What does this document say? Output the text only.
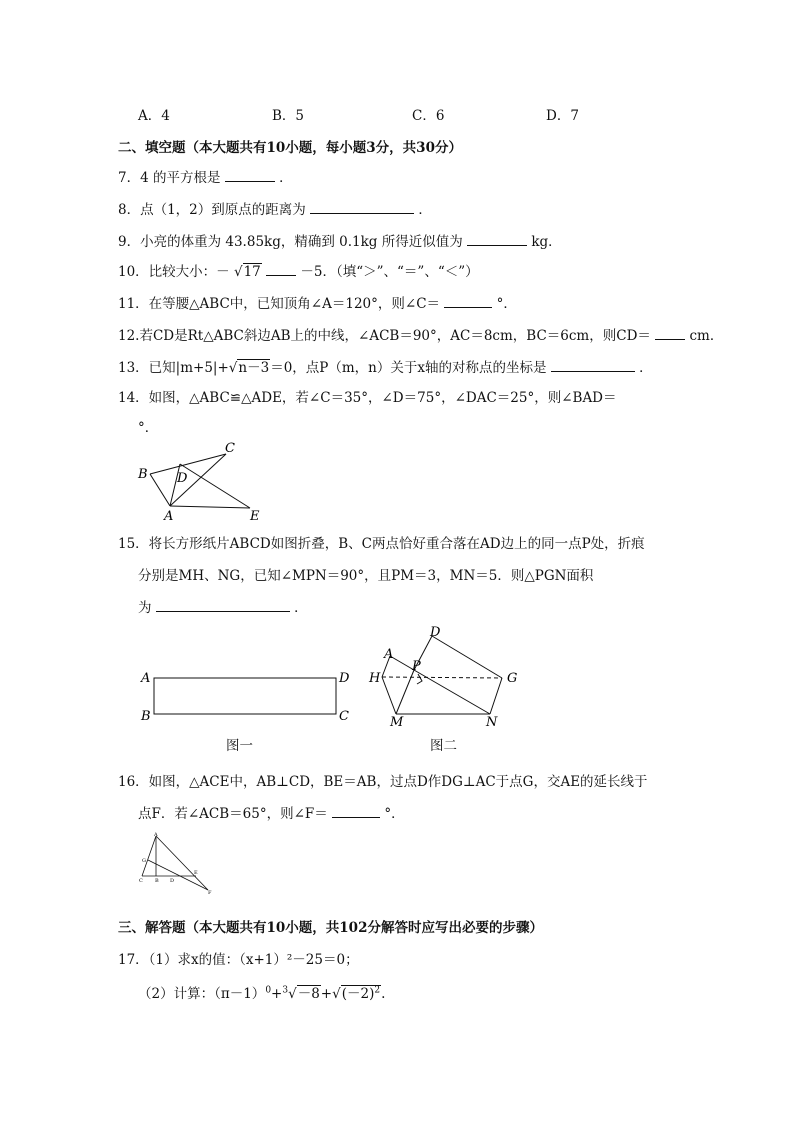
A．4	B．5	C．6	D．7
二、填空题（本大题共有10小题，每小题3分，共30分）
7．4 的平方根是	．
8．点（1，2）到原点的距离为	．
9．小亮的体重为 43.85kg，精确到 0.1kg 所得近似值为	kg．
10．比较大小：－ √17	－5．（填“＞”、“＝”、“＜”）
11．在等腰△ABC中，已知顶角∠A＝120°，则∠C＝	°．
12.若CD是Rt△ABC斜边AB上的中线，∠ACB＝90°，AC＝8cm，BC＝6cm，则CD＝	cm．
13．已知|m+5|+√n－3＝0，点P（m，n）关于x轴的对称点的坐标是	．
14．如图，△ABC≌△ADE，若∠C＝35°，∠D＝75°，∠DAC＝25°，则∠BAD＝
°．
B
C
D
A	E
15．将长方形纸片ABCD如图折叠，B、C两点恰好重合落在AD边上的同一点P处，折痕
分别是MH、NG，已知∠MPN＝90°，且PM＝3，MN＝5．则△PGN面积
为	．
A	D
B	C
图一
D
A
P
H	G
M	N
图二
16．如图，△ACE中，AB⊥CD，BE＝AB，过点D作DG⊥AC于点G，交AE的延长线于
点F．若∠ACB＝65°，则∠F＝	°．
A
G
C B D
E
F
三、解答题（本大题共有10小题，共102分解答时应写出必要的步骤）
17．（1）求x的值：（x+1）²－25＝0；
（2）计算：$(\pi-1)^0+^3√-8+√(-2)^2$.
